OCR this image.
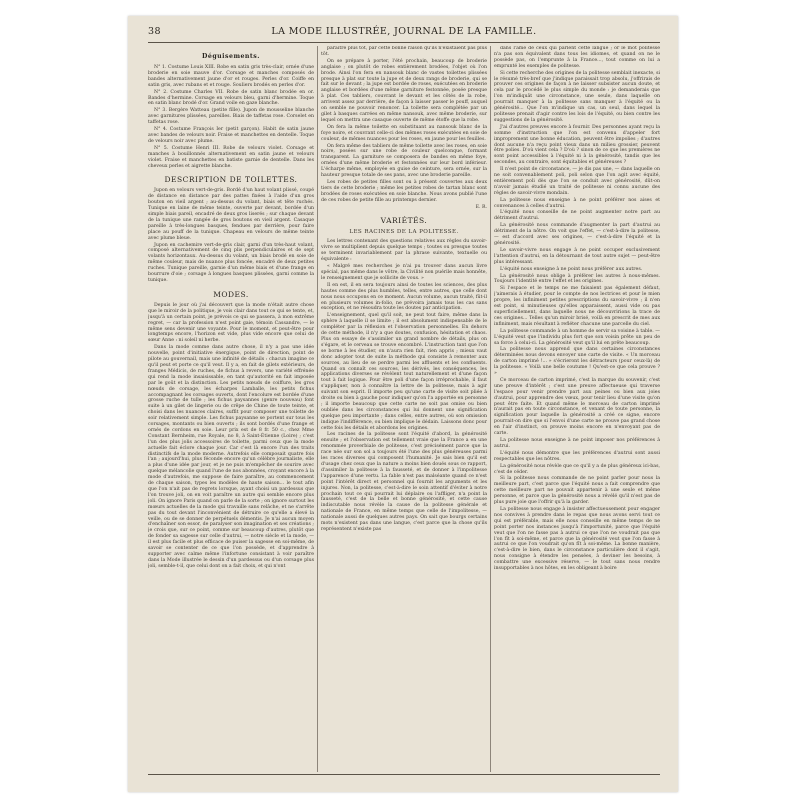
38	LA MODE ILLUSTRÉE, JOURNAL DE LA FAMILLE.
Déguisements.

N° 1. Costume Louis XIII. Robe en satin gris très-clair, ornée d'une broderie en soie mauve d'or. Corsage et manches composés de bandes alternativement jaune d'or et rouges. Perles d'or. Coiffe en satin gris, avec rubans et et rouge. Souliers brodés en perles d'or.

N° 2. Costume Charles VII. Robe de satin blanc brodée en or. Bandes d'hermine. Corsage en velours bleu, garni d'hermine. Toque en satin blanc brodé d'or. Grand voile en gaze blanche.

N° 3. Bergère Watteau (petite fille). Jupon de mousseline blanche avec garnitures plissées, pareilles. Biais de taffetas rose. Corselet en taffetas rose.

N° 4. Costume François Ier (petit garçon). Habit de satin jaune avec bandes de velours noir. Fraise et manchettes en dentelle. Toque de velours noir avec plume.

N° 5. Costume Henri III. Robe de velours violet. Corsage et manches à bouillonnés alternativement en satin jaune et velours violet. Fraise et manchettes en batiste garnie de dentelle. Dans les cheveux perles et aigrette blanche.

DESCRIPTION DE TOILETTES.

Jupon en velours vert-de-gris. Bordé d'un haut volant plissé, coupé de distance en distance par des pattes fixées à l'aide d'un gros bouton en vieil argent ; au-dessus du volant, biais et tête ruchés. Tunique en laine de même teinte, ouverte par devant, bordée d'un simple biais pareil, encadré de deux gros liserés ; sur chaque devant de la tunique une rangée de gros boutons en vieil argent. Casaque pareille à très-longues basques, fendues par derrière, pour faire place au pouff de la tunique. Chapeau en velours de même teinte avec plume bleue.

Jupon en cachemire vert-de-gris clair, garni d'un très-haut volant, composé alternativement de cinq plis perpendiculaires et de sept volants horizontaux. Au-dessus du volant, un biais brodé en soie de même couleur, mais de nuance plus foncée, encadré de deux petites ruches. Tunique pareille, garnie d'un même biais et d'une frange en bourrure d'oie ; corsage à longues basques plissées, garni comme la tunique.

MODES.

Depuis le jour où j'ai découvert que la mode n'était autre chose que le miroir de la politique, je vois clair dans tout ce qui se tente, et, jusqu'à un certain point, je prévois ce qui se passera, à mon extrême regret, — car la profession n'est point gaie, témoin Cassandre, — le même sens devenir une voyante. Pour le moment, et peut-être pour longtemps encore, l'horizon est vide, plus vide encore que celui de sœur Anne : ni soleil ni herbe.

Dans la mode comme dans autre chose, il n'y a pas une idée nouvelle, point d'initiative énergique, point de direction, point de pilote au gouvernail, mais une infinité de détails : chacun imagine ce qu'il peut et porte ce qu'il veut. Il y a, en fait de gilets extérieurs, de franges Médicis, de ruches, de fichus à revers, une variété effrénée qui rend la mode insaisissable, en tant qu'autorité en fait imposée par le goût et la distinction. Les petits nœuds de coiffure, les gros nœuds de corsage, les écharpes Lamballe, les petits fichus accompagnant les corsages ouverts, dont l'encolure est bordée d'une grosse ruche de tulle ; les fichus paysannes (genre nouveau) font suite à un gilet de lingerie ou de crêpe de Chine de toute teinte, et choisi dans les nuances claires, suffit pour composer une toilette de soir relativement simple. Les fichus paysanne se portent sur tous les corsages, montants ou bien ouverts ; ils sont bordés d'une frange et ornés de cordons en soie. Leur prix est de 8 fr. 50 c., chez Mme Constant Bernheim, rue Royale, no 8, à Saint-Étienne (Loire) ; c'est l'un des plus jolis accessoires de toilette, parmi ceux que la mode actuelle fait éclore chaque jour. Car c'est là encore l'un des traits distinctifs de la mode moderne. Autrefois elle composait quatre fois l'an ; aujourd'hui, plus féconde encore qu'un célèbre journaliste, elle a plus d'une idée par jour, et je ne puis m'empêcher de sourire avec quelque mélancolie quand l'une de nos abonnées, croyant encore à la mode d'autrefois, me suppose de faire paraître, au commencement de chaque saison, types les modèles de haute saison... le tout afin que l'on n'ait pas de regrets lorsque, ayant choisi un pardessus que l'on trouve joli, on en voit paraître un autre qui semble encore plus joli. On ignore Paris quand on parle de la sorte ; on ignore surtout les mœurs actuelles de la mode qui travaille sans relâche, et ne s'arrête pas du tout devant l'inconvénient de détruire ce qu'elle a élevé la veille, ou de se donner de perpétuels démentis. Je n'ai aucun moyen d'enchaîner son essor, de paralyser son imagination et ses créations ; je crois que, sur ce point, comme sur beaucoup d'autres, plutôt que de fonder sa sagesse sur celle d'autrui, — notre siècle et la mode, — il est plus facile et plus efficace de puiser la sagesse en soi-même, de savoir se contenter de ce que l'on possède, et d'apprendre à supporter avec calme même l'infortune consistant à voir paraître dans la Mode illustrée le dessin d'un pardessus ou d'un corsage plus joli, semble-t-il, que celui dont on a fait choix, et qui n'ont

paraître plus tôt, par cette bonne raison qu'ils n'existaient pas plus tôt.

On se prépare à porter, l'été prochain, beaucoup de broderie anglaise ; on plutôt de robes entièrement brodées, l'objet où l'on brode. Ainsi l'on fera en nansouk blanc de vastes toilettes plissées presque à plat sur toute la jupe et de deux rangs de broderie, qui se fait sur le devant ; la jupe est bordée de roses, exécutées en broderie anglaise et bordées d'une même garniture festonnée, posée presque à plat. Ces tabliers, couvrant le devant et les côtés de la robe, arrivent assez par derrière, de façon à laisser passer le pouff, auquel on semble ne pouvoir renoncer. La toilette sera complétée par un gilet à basques carrées en même nansouk, avec même broderie, sur lequel on mettra une casaque ouverte de même étoffe que la robe.

On fera la même toilette en substituant au nansouk blanc de la foye noire, et couvrant celle-ci des mêmes roses exécutées en soie de couleur, de mêmes nuances pour les roses, en jaune pour les feuilles.

On fera même des tabliers de même toilette avec les roses, en soie noire, posées sur une robe de couleur quelconque, formant transparent. La garniture se composera de bandes en même foye, ornées d'une même broderie et festonnées sur leur bord inférieur. L'écharpe même, employée en guise de ceinture, sera ornée, sur la hauteur presque totale de ses pans, avec une broderie pareille.

Les robes de petites filles sont ou à présent couvertes aux deux tiers de cette broderie ; même les petites robes de tartan blanc sont brodées de roses exécutées en soie blanche. Nous avons publié l'une de ces robes de petite fille au printemps dernier.

E. R.
VARIÉTÉS.
LES RACINES DE LA POLITESSE.

Les lettres contenant des questions relatives aux règles du savoir-vivre se multiplient depuis quelque temps ; toutes ou presque toutes se terminent invariablement par la phrase suivante, textuelle ou équivalente :

« Malgré mes recherches je n'ai pu trouver dans aucun livre spécial, pas même dans le vôtre, la Civilité non puérile mais honnête, le renseignement que je sollicite de vous. »

Il en est, il en sera toujours ainsi de toutes les sciences, des plus hautes comme des plus humbles, telles, entre autres, que celle dont nous nous occupons en ce moment. Aucun volume, aucun traité, fût-il en plusieurs volumes in-folio, ne prévoira jamais tous les cas sans exception, et ne résoudra toute les doutes par anticipation.

L'enseignement, quel qu'il soit, ne peut tout faire, même dans la sphère à laquelle il se limite ; il est absolument indispensable de le compléter par la réflexion et l'observation personnelles. En dehors de cette méthode, il n'y a que doutes, confusion, hésitation et chaos. Plus on essaye de s'assimiler un grand nombre de détails, plus on s'égare, et le cerveau se trouve encombré. L'instruction tant que l'on se borne à les étudier, on n'aura rien fait, rien appris ; mieux vaut donc adopter tout de suite la méthode qui consiste à remonter aux sources, au lieu de se perdre parmi les affluents et les confluents. Quand on connaît ces sources, les dérivés, les conséquences, les applications diverses se révèlent tout naturellement et d'une façon tout à fait logique. Pour être poli d'une façon irréprochable, il faut s'appliquer, non à connaître la lettre de la politesse, mais à agir suivant son esprit. Il importe peu qu'une carte de visite soit pliée à droite ou bien à gauche pour indiquer qu'on l'a apportée en personne ; il importe beaucoup que cette carte ne soit pas omise ou bien oubliée dans les circonstances qui lui donnent une signification quelque peu importante ; dans celles, entre autres, où son omission indique l'indifférence, ou bien implique le dédain. Laissons donc pour cette fois les détails et abordons les origines.

Les racines de la politesse sont l'équité d'abord, la générosité ensuite ; et l'observation est tellement vraie que la France a en une renommée proverbiale de politesse, c'est précisément parce que la race née sur son sol a toujours été l'une des plus généreuses parmi les races diverses qui composent l'humanité. Je sais bien qu'il est d'usage chez ceux que la nature a moins bien doués sous ce rapport, d'assimiler la politesse à la fausseté, et de donner à l'impolitesse l'apparence d'une vertu. La fable n'est pas malséante quand ce n'est point l'intérêt direct et personnel qui fournit les arguments et les injures. Non, la politesse, c'est-à-dire le soin attentif d'éviter à notre prochain tout ce qui pourrait lui déplaire ou l'affliger, n'a point la fausseté, c'est de la belle et bonne générosité, et cette cause indiscutable nous révèle la cause de la politesse générale et nationale de France, en même temps que celle de l'impolitesse, — nationale aussi de quelques autres pays. On sait que bourgs certains mots n'existent pas dans une langue, c'est parce que la chose qu'ils représentent n'existe pas

dans l'âme de ceux qui parlent cette langue ; or le mot politesse n'a pas son équivalent dans tous les idiomes, et quand on ne le possède pas, on l'emprunte à la France..., tout comme on lui a emprunté les exemples de politesse.

Si cette recherche des origines de la politesse semblait inexacte, si le résumé très-bref que j'indique paraissait trop absolu, j'offrirais de prouver ces origines de façon à ne laisser subsister aucun doute, et cela par le procédé le plus simple du monde : je demanderais que l'on m'indiquât une circonstance, une seule, dans laquelle on pourrait manquer à la politesse sans manquer à l'équité ou la générosité... Que l'on m'indique un cas, un seul, dans lequel la politesse prenait d'agir contre les lois de l'équité, ou bien contre les suggestions de la générosité.

J'ai d'autres preuves encore à fournir. Des personnes ayant reçu la somme d'instruction que l'on est convenu d'appeler fort improprement une bonne éducation, peuvent être impolies ; d'autres dont aucune n'a reçu point vieux dans un milieu grossier, peuvent être polies. D'où vient cela ? D'où ? sinon de ce que les premières ne sont point accessibles à l'équité ni à la générosité, tandis que les secondes, au contraire, sont équitables et généreuses ?

Il n'est point de circonstance, — je dis pas une, — dans laquelle on ne soit convenablement poli, poli selon que l'on agit avec équité, entièrement poli dès que l'on se conduit avec générosité, dût-on n'avoir jamais étudié un traité de politesse ni connu aucune des règles de savoir-vivre mondain.

La politesse nous enseigne à ne point préférer nos aises et convenances à celles d'autrui.

L'équité nous conseille de ne point augmenter notre part au détriment d'autrui.

La générosité nous commande d'augmenter la part d'autrui au détriment de la nôtre. On voit que l'effet, — c'est-à-dire la politesse, — est d'accord avec ses origines, — c'est-à-dire l'équité et la générosité.

Le savoir-vivre nous engage à ne point occuper exclusivement l'attention d'autrui, en la détournant de tout autre sujet — peut-être plus intéressant.

L'équité nous enseigne à ne point nous préférer aux autres.

La générosité nous oblige à préférer les autres à nous-mêmes. Toujours l'identité entre l'effet et les origines.

Si l'espace et le temps ne me faisaient pas également défaut, j'aimerais à étudier, pour le compte de nos lectrices et pour le mien propre, les infiniment petites prescriptions du savoir-vivre ; il n'en est point, si minutieuses qu'elles apparaissent, aussi vide ou pas superficiellement, dans laquelle nous ne découvririons la trace de ces origines... Telles qu'un miroir brisé, voilà en prescrit de mes aux infiniment, mais résultant à refléter chacune une parcelle du ciel.

La politesse commande à un homme de servir sa voisine à table. — L'équité veut que l'individu plus fort que son voisin prête un peu de sa force à celui-ci. La générosité veut qu'il lui en prête beaucoup.

La politesse nous apprend que dans certaines circonstances déterminées nous devons envoyer une carte de visite. « Un morceau de carton imprimé !... » s'écrieront les détracteurs (pour ceux-là) de la politesse. « Voilà une belle coutume ! Qu'est-ce que cela prouve ? »

Ce morceau de carton imprimé, c'est la marque du souvenir, c'est une preuve d'intérêt ; c'est une preuve affectueuse qui traverse l'espace pour venir prendre part aux peines ou bien aux joies d'autrui, pour apprendre des vœux, pour tenir lieu d'une visite qu'on peut être faite. Et quand même le morceau de carton imprimé n'aurait pas en toute circonstance, et venant de toute personne, la signification pour laquelle la générosité a créé ce signe, encore pourrait-on dire que si l'envoi d'une carte ne prouve pas grand chose en l'air d'instinct, on prouve moins encore en n'envoyant pas de carte.

La politesse nous enseigne à ne point imposer nos préférences à autrui.

L'équité nous démontre que les préférences d'autrui sont aussi respectables que les nôtres.

La générosité nous révèle que ce qu'il y a de plus généreux ici-bas, c'est de céder.

Si la politesse nous commande de ne point parler pour nous la meilleure part, c'est parce que l'équité nous a fait comprendre que cette meilleure part ne pouvait appartenir à une seule et même personne, et parce que la générosité nous a révélé qu'il n'est pas de plus pure joie que l'offrir qu'à la garder.

La politesse nous engage à insister affectueusement pour engager nos convives à prendre dans le repas que nous avons servi tout ce qui est préférable, mais elle nous conseille en même temps de ne point porter nos instances jusqu'à l'importunité, parce que l'équité veut que l'on ne fasse pas à autrui ce que l'on ne voudrait pas que l'on fît à soi-même, et parce que la générosité veut que l'on fasse à autrui ce que l'on voudrait qu'on fît à soi-même. La bonne manière, c'est-à-dire le bien, dans le circonstance particulière dont il s'agit, nous consigne à étendre les pensées, à deviner les besoins, à combattre une excessive réserve, — le tout sans nous rendre insupportables à nos hôtes, en les obligeant à boire
